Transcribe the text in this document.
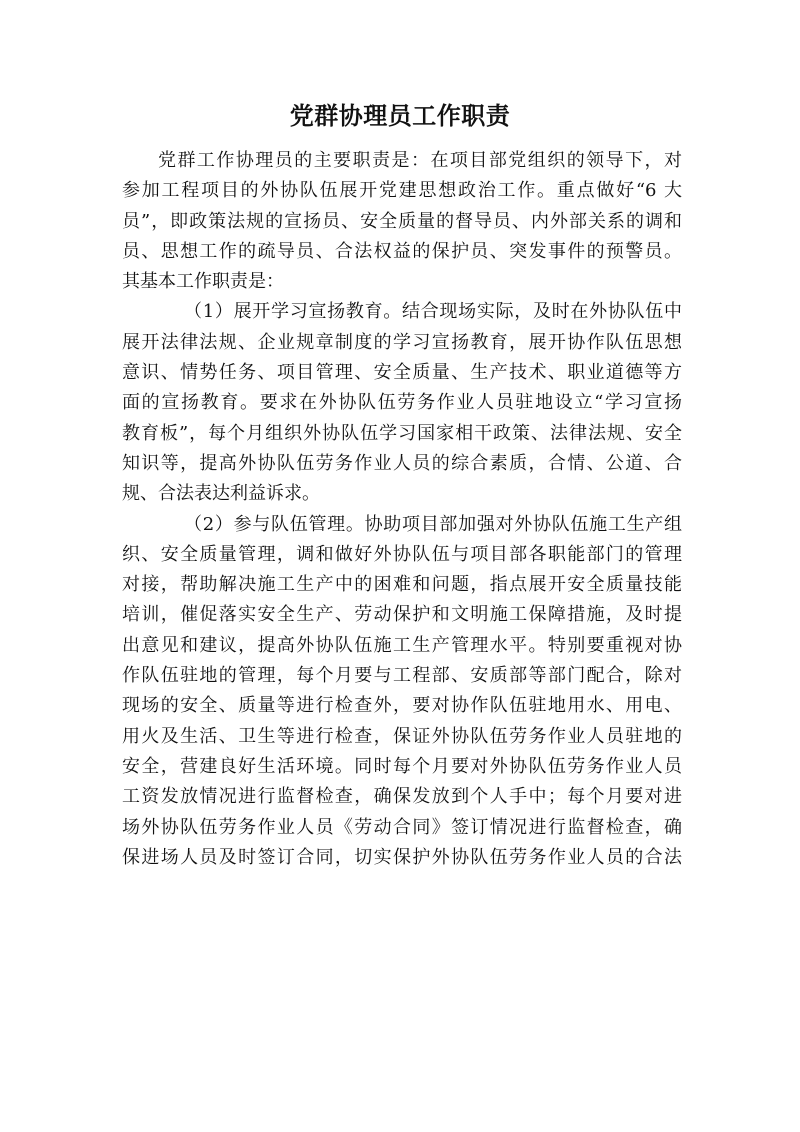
党群协理员工作职责

党群工作协理员的主要职责是：在项目部党组织的领导下，对
参加工程项目的外协队伍展开党建思想政治工作。重点做好“6 大
员”，即政策法规的宣扬员、安全质量的督导员、内外部关系的调和
员、思想工作的疏导员、合法权益的保护员、突发事件的预警员。
其基本工作职责是：

（1）展开学习宣扬教育。结合现场实际，及时在外协队伍中
展开法律法规、企业规章制度的学习宣扬教育，展开协作队伍思想
意识、情势任务、项目管理、安全质量、生产技术、职业道德等方
面的宣扬教育。要求在外协队伍劳务作业人员驻地设立“学习宣扬
教育板”，每个月组织外协队伍学习国家相干政策、法律法规、安全
知识等，提高外协队伍劳务作业人员的综合素质，合情、公道、合
规、合法表达利益诉求。

（2）参与队伍管理。协助项目部加强对外协队伍施工生产组
织、安全质量管理，调和做好外协队伍与项目部各职能部门的管理
对接，帮助解决施工生产中的困难和问题，指点展开安全质量技能
培训，催促落实安全生产、劳动保护和文明施工保障措施，及时提
出意见和建议，提高外协队伍施工生产管理水平。特别要重视对协
作队伍驻地的管理，每个月要与工程部、安质部等部门配合，除对
现场的安全、质量等进行检查外，要对协作队伍驻地用水、用电、
用火及生活、卫生等进行检查，保证外协队伍劳务作业人员驻地的
安全，营建良好生活环境。同时每个月要对外协队伍劳务作业人员
工资发放情况进行监督检查，确保发放到个人手中；每个月要对进
场外协队伍劳务作业人员《劳动合同》签订情况进行监督检查，确
保进场人员及时签订合同，切实保护外协队伍劳务作业人员的合法
